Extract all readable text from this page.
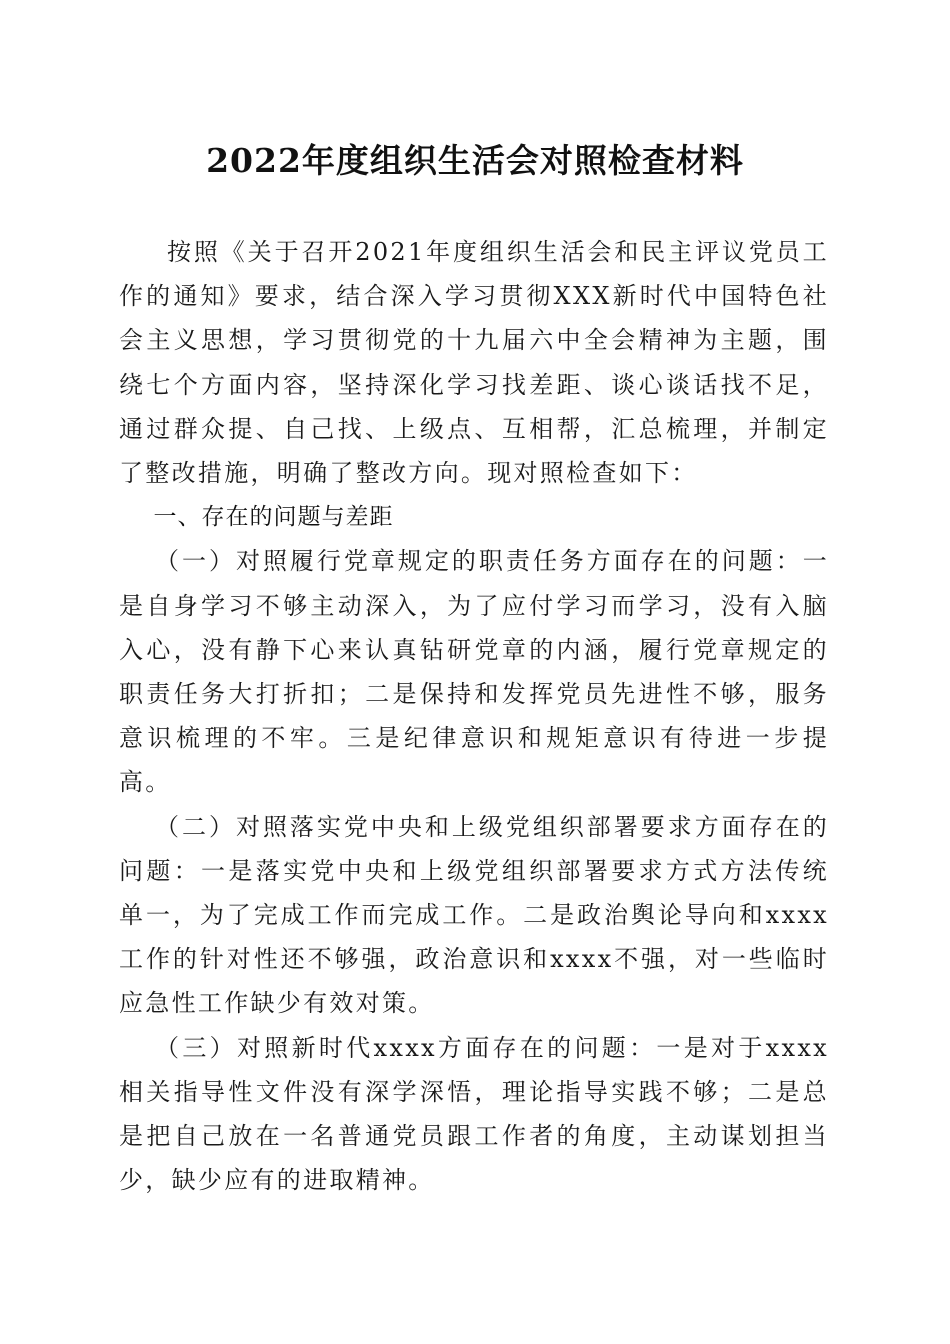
2022年度组织生活会对照检查材料

按照《关于召开2021年度组织生活会和民主评议党员工作的通知》要求，结合深入学习贯彻XXX新时代中国特色社会主义思想，学习贯彻党的十九届六中全会精神为主题，围绕七个方面内容，坚持深化学习找差距、谈心谈话找不足，通过群众提、自己找、上级点、互相帮，汇总梳理，并制定了整改措施，明确了整改方向。现对照检查如下：

一、存在的问题与差距

（一）对照履行党章规定的职责任务方面存在的问题：一是自身学习不够主动深入，为了应付学习而学习，没有入脑入心，没有静下心来认真钻研党章的内涵，履行党章规定的职责任务大打折扣；二是保持和发挥党员先进性不够，服务意识梳理的不牢。三是纪律意识和规矩意识有待进一步提高。

（二）对照落实党中央和上级党组织部署要求方面存在的问题：一是落实党中央和上级党组织部署要求方式方法传统单一，为了完成工作而完成工作。二是政治舆论导向和xxxx工作的针对性还不够强，政治意识和xxxx不强，对一些临时应急性工作缺少有效对策。

（三）对照新时代xxxx方面存在的问题：一是对于xxxx相关指导性文件没有深学深悟，理论指导实践不够；二是总是把自己放在一名普通党员跟工作者的角度，主动谋划担当少，缺少应有的进取精神。
